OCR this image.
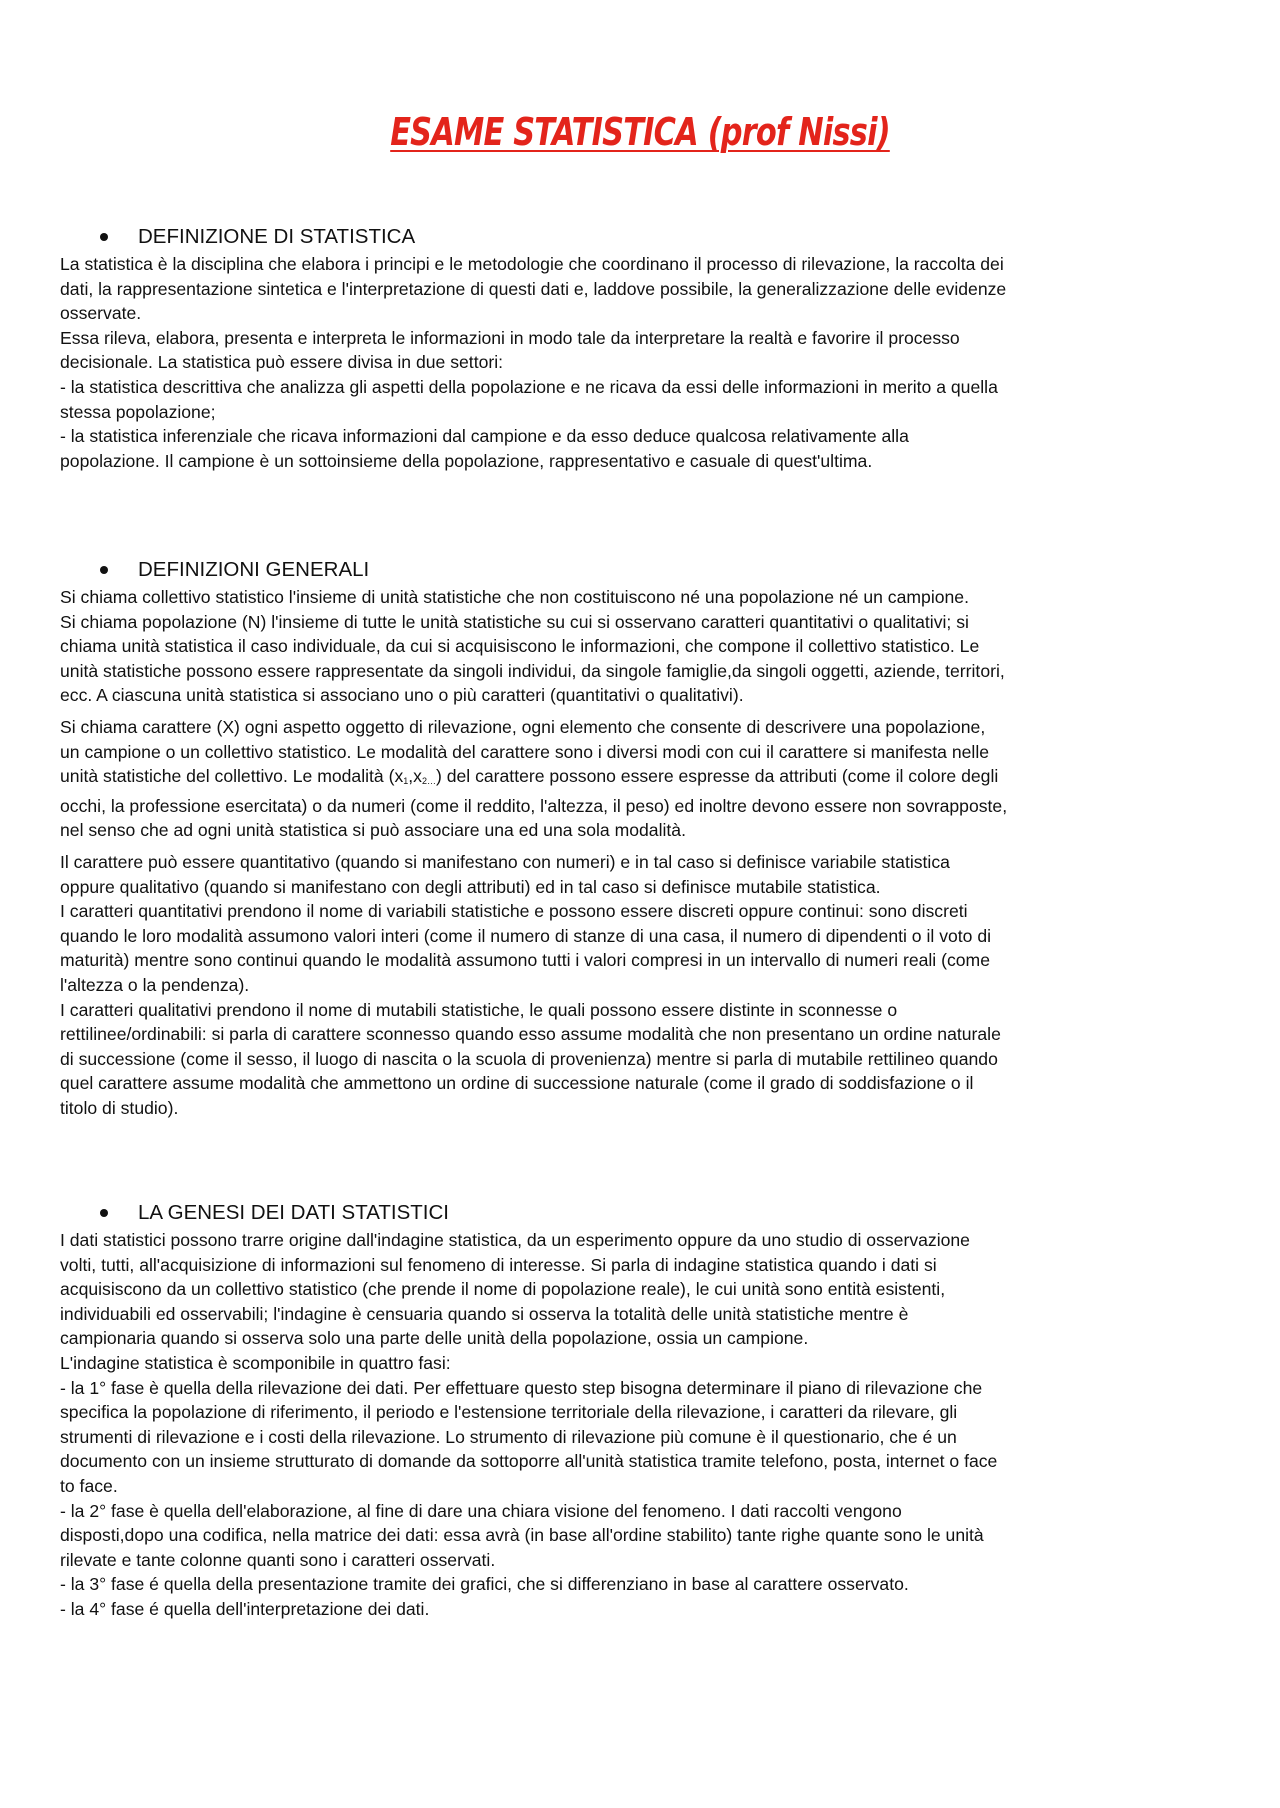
ESAME STATISTICA (prof Nissi)
DEFINIZIONE DI STATISTICA
La statistica è la disciplina che elabora i principi e le metodologie che coordinano il processo di rilevazione, la raccolta dei
dati, la rappresentazione sintetica e l'interpretazione di questi dati e, laddove possibile, la generalizzazione delle evidenze
osservate.
Essa rileva, elabora, presenta e interpreta le informazioni in modo tale da interpretare la realtà e favorire il processo
decisionale. La statistica può essere divisa in due settori:
- la statistica descrittiva che analizza gli aspetti della popolazione e ne ricava da essi delle informazioni in merito a quella
stessa popolazione;
- la statistica inferenziale che ricava informazioni dal campione e da esso deduce qualcosa relativamente alla
popolazione. Il campione è un sottoinsieme della popolazione, rappresentativo e casuale di quest'ultima.
DEFINIZIONI GENERALI
Si chiama collettivo statistico l'insieme di unità statistiche che non costituiscono né una popolazione né un campione.
Si chiama popolazione (N) l'insieme di tutte le unità statistiche su cui si osservano caratteri quantitativi o qualitativi; si
chiama unità statistica il caso individuale, da cui si acquisiscono le informazioni, che compone il collettivo statistico. Le
unità statistiche possono essere rappresentate da singoli individui, da singole famiglie,da singoli oggetti, aziende, territori,
ecc. A ciascuna unità statistica si associano uno o più caratteri (quantitativi o qualitativi).
Si chiama carattere (X) ogni aspetto oggetto di rilevazione, ogni elemento che consente di descrivere una popolazione,
un campione o un collettivo statistico. Le modalità del carattere sono i diversi modi con cui il carattere si manifesta nelle
unità statistiche del collettivo. Le modalità $(x_1,x_{2\dots})$ del carattere possono essere espresse da attributi (come il colore degli
occhi, la professione esercitata) o da numeri (come il reddito, l'altezza, il peso) ed inoltre devono essere non sovrapposte,
nel senso che ad ogni unità statistica si può associare una ed una sola modalità.
Il carattere può essere quantitativo (quando si manifestano con numeri) e in tal caso si definisce variabile statistica
oppure qualitativo (quando si manifestano con degli attributi) ed in tal caso si definisce mutabile statistica.
I caratteri quantitativi prendono il nome di variabili statistiche e possono essere discreti oppure continui: sono discreti
quando le loro modalità assumono valori interi (come il numero di stanze di una casa, il numero di dipendenti o il voto di
maturità) mentre sono continui quando le modalità assumono tutti i valori compresi in un intervallo di numeri reali (come
l'altezza o la pendenza).
I caratteri qualitativi prendono il nome di mutabili statistiche, le quali possono essere distinte in sconnesse o
rettilinee/ordinabili: si parla di carattere sconnesso quando esso assume modalità che non presentano un ordine naturale
di successione (come il sesso, il luogo di nascita o la scuola di provenienza) mentre si parla di mutabile rettilineo quando
quel carattere assume modalità che ammettono un ordine di successione naturale (come il grado di soddisfazione o il
titolo di studio).
LA GENESI DEI DATI STATISTICI
I dati statistici possono trarre origine dall'indagine statistica, da un esperimento oppure da uno studio di osservazione
volti, tutti, all'acquisizione di informazioni sul fenomeno di interesse. Si parla di indagine statistica quando i dati si
acquisiscono da un collettivo statistico (che prende il nome di popolazione reale), le cui unità sono entità esistenti,
individuabili ed osservabili; l'indagine è censuaria quando si osserva la totalità delle unità statistiche mentre è
campionaria quando si osserva solo una parte delle unità della popolazione, ossia un campione.
L'indagine statistica è scomponibile in quattro fasi:
- la 1° fase è quella della rilevazione dei dati. Per effettuare questo step bisogna determinare il piano di rilevazione che
specifica la popolazione di riferimento, il periodo e l'estensione territoriale della rilevazione, i caratteri da rilevare, gli
strumenti di rilevazione e i costi della rilevazione. Lo strumento di rilevazione più comune è il questionario, che é un
documento con un insieme strutturato di domande da sottoporre all'unità statistica tramite telefono, posta, internet o face
to face.
- la 2° fase è quella dell'elaborazione, al fine di dare una chiara visione del fenomeno. I dati raccolti vengono
disposti,dopo una codifica, nella matrice dei dati: essa avrà (in base all'ordine stabilito) tante righe quante sono le unità
rilevate e tante colonne quanti sono i caratteri osservati.
- la 3° fase é quella della presentazione tramite dei grafici, che si differenziano in base al carattere osservato.
- la 4° fase é quella dell'interpretazione dei dati.
